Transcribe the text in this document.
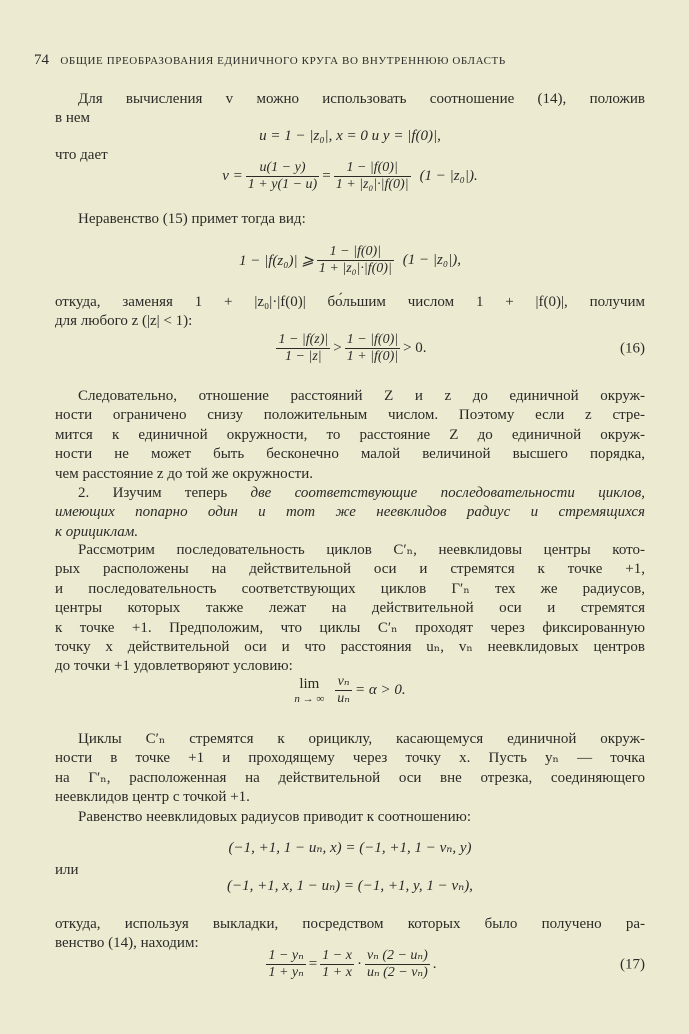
74 ОБЩИЕ ПРЕОБРАЗОВАНИЯ ЕДИНИЧНОГО КРУГА ВО ВНУТРЕННЮЮ ОБЛАСТЬ
Для вычисления v можно использовать соотношение (14), положив
в нем
u = 1 − |z₀|, x = 0 и y = |f(0)|,
что дает
$v = \frac{u(1 - y)}{1 + y(1 - u)} = \frac{1 - |f(0)|}{\text{1 + |z₀|·|f(0)|}} (1 - |z_0|)$.
Неравенство (15) примет тогда вид:
1 − |f(z₀)| ⩾ $\frac{1 - |f(0)|}{\text{1 + |z₀|·|f(0)|}} (1 - |z_0|)$,
откуда, заменяя 1 + |z₀|·|f(0)| бо́льшим числом 1 + |f(0)|, получим
для любого z (|z| < 1):
$\frac{1 - |f(z)|}{1 - |z|} > \frac{1 - |f(0)|}{1 + |f(0)|} > 0$.	(16)
Следовательно, отношение расстояний Z и z до единичной окруж-
ности ограничено снизу положительным числом. Поэтому если z стре-
мится к единичной окружности, то расстояние Z до единичной окруж-
ности не может быть бесконечно малой величиной высшего порядка,
чем расстояние z до той же окружности.
2. Изучим теперь две соответствующие последовательности циклов,
имеющих попарно один и тот же неевклидов радиус и стремящихся
к орициклам.
Рассмотрим последовательность циклов C′ₙ, неевклидовы центры кото-
рых расположены на действительной оси и стремятся к точке +1,
и последовательность соответствующих циклов Γ′ₙ тех же радиусов,
центры которых также лежат на действительной оси и стремятся
к точке +1. Предположим, что циклы C′ₙ проходят через фиксированную
точку x действительной оси и что расстояния uₙ, vₙ неевклидовых центров
до точки +1 удовлетворяют условию:
lim
n → ∞ $\frac{\text{vₙ}}{\text{uₙ}} = \alpha > 0$.
Циклы C′ₙ стремятся к орициклу, касающемуся единичной окруж-
ности в точке +1 и проходящему через точку x. Пусть yₙ — точка
на Γ′ₙ, расположенная на действительной оси вне отрезка, соединяющего
неевклидов центр с точкой +1.
Равенство неевклидовых радиусов приводит к соотношению:
(−1, +1, 1 − uₙ, x) = (−1, +1, 1 − vₙ, y)
или
(−1, +1, x, 1 − uₙ) = (−1, +1, y, 1 − vₙ),
откуда, используя выкладки, посредством которых было получено ра-
венство (14), находим:
$\frac{\text{1 − yₙ}}{\text{1 + yₙ}} = \frac{1 - x}{1 + x} \cdot \frac{\text{vₙ (2 − uₙ)}}{\text{uₙ (2 − vₙ)}}$ .	(17)
